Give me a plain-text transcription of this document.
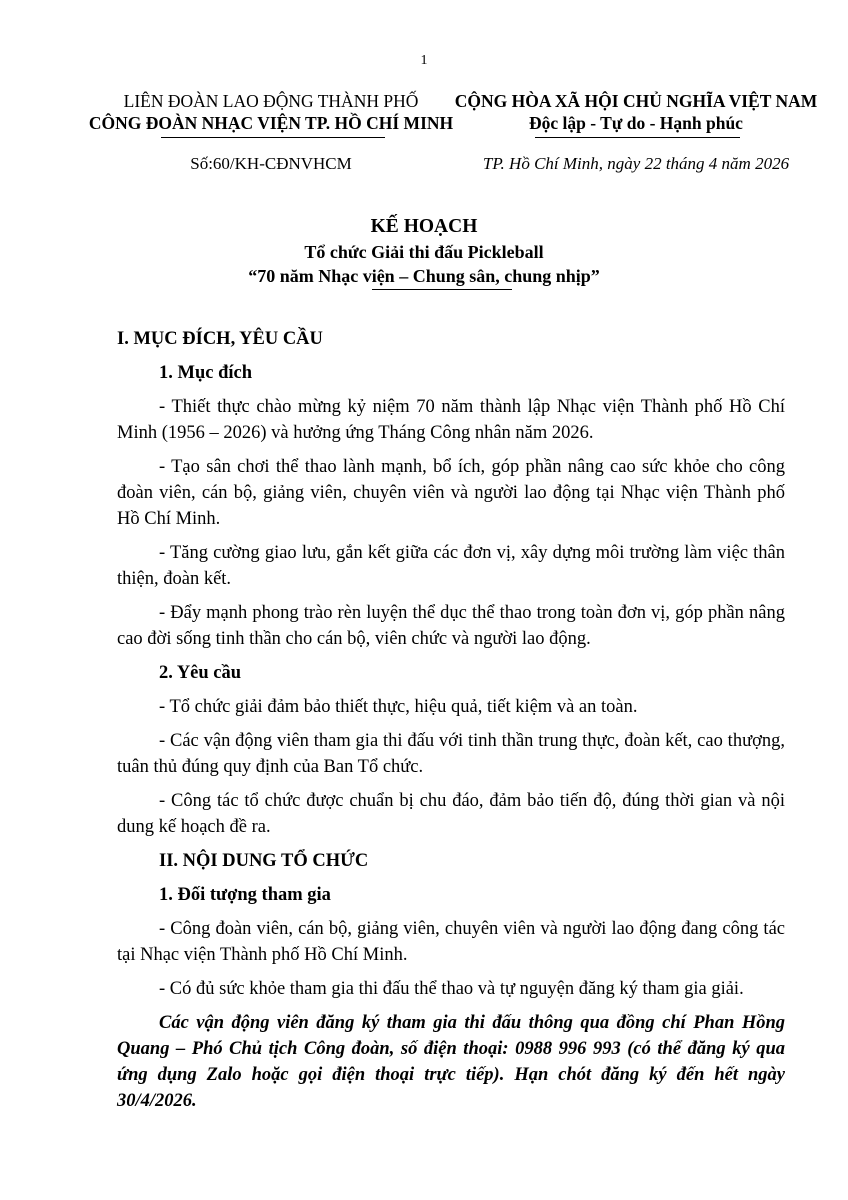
1
LIÊN ĐOÀN LAO ĐỘNG THÀNH PHỐ
CÔNG ĐOÀN NHẠC VIỆN TP. HỒ CHÍ MINH
CỘNG HÒA XÃ HỘI CHỦ NGHĨA VIỆT NAM
Độc lập - Tự do - Hạnh phúc
Số:60/KH-CĐNVHCM	TP. Hồ Chí Minh, ngày 22 tháng 4 năm 2026
KẾ HOẠCH
Tổ chức Giải thi đấu Pickleball
“70 năm Nhạc viện – Chung sân, chung nhịp”
I. MỤC ĐÍCH, YÊU CẦU
1. Mục đích

- Thiết thực chào mừng kỷ niệm 70 năm thành lập Nhạc viện Thành phố Hồ Chí Minh (1956 – 2026) và hưởng ứng Tháng Công nhân năm 2026.

- Tạo sân chơi thể thao lành mạnh, bổ ích, góp phần nâng cao sức khỏe cho công đoàn viên, cán bộ, giảng viên, chuyên viên và người lao động tại Nhạc viện Thành phố Hồ Chí Minh.

- Tăng cường giao lưu, gắn kết giữa các đơn vị, xây dựng môi trường làm việc thân thiện, đoàn kết.

- Đẩy mạnh phong trào rèn luyện thể dục thể thao trong toàn đơn vị, góp phần nâng cao đời sống tinh thần cho cán bộ, viên chức và người lao động.

2. Yêu cầu

- Tổ chức giải đảm bảo thiết thực, hiệu quả, tiết kiệm và an toàn.

- Các vận động viên tham gia thi đấu với tinh thần trung thực, đoàn kết, cao thượng, tuân thủ đúng quy định của Ban Tổ chức.

- Công tác tổ chức được chuẩn bị chu đáo, đảm bảo tiến độ, đúng thời gian và nội dung kế hoạch đề ra.

II. NỘI DUNG TỔ CHỨC
1. Đối tượng tham gia

- Công đoàn viên, cán bộ, giảng viên, chuyên viên và người lao động đang công tác tại Nhạc viện Thành phố Hồ Chí Minh.

- Có đủ sức khỏe tham gia thi đấu thể thao và tự nguyện đăng ký tham gia giải.

Các vận động viên đăng ký tham gia thi đấu thông qua đồng chí Phan Hồng Quang – Phó Chủ tịch Công đoàn, số điện thoại: 0988 996 993 (có thể đăng ký qua ứng dụng Zalo hoặc gọi điện thoại trực tiếp). Hạn chót đăng ký đến hết ngày 30/4/2026.
